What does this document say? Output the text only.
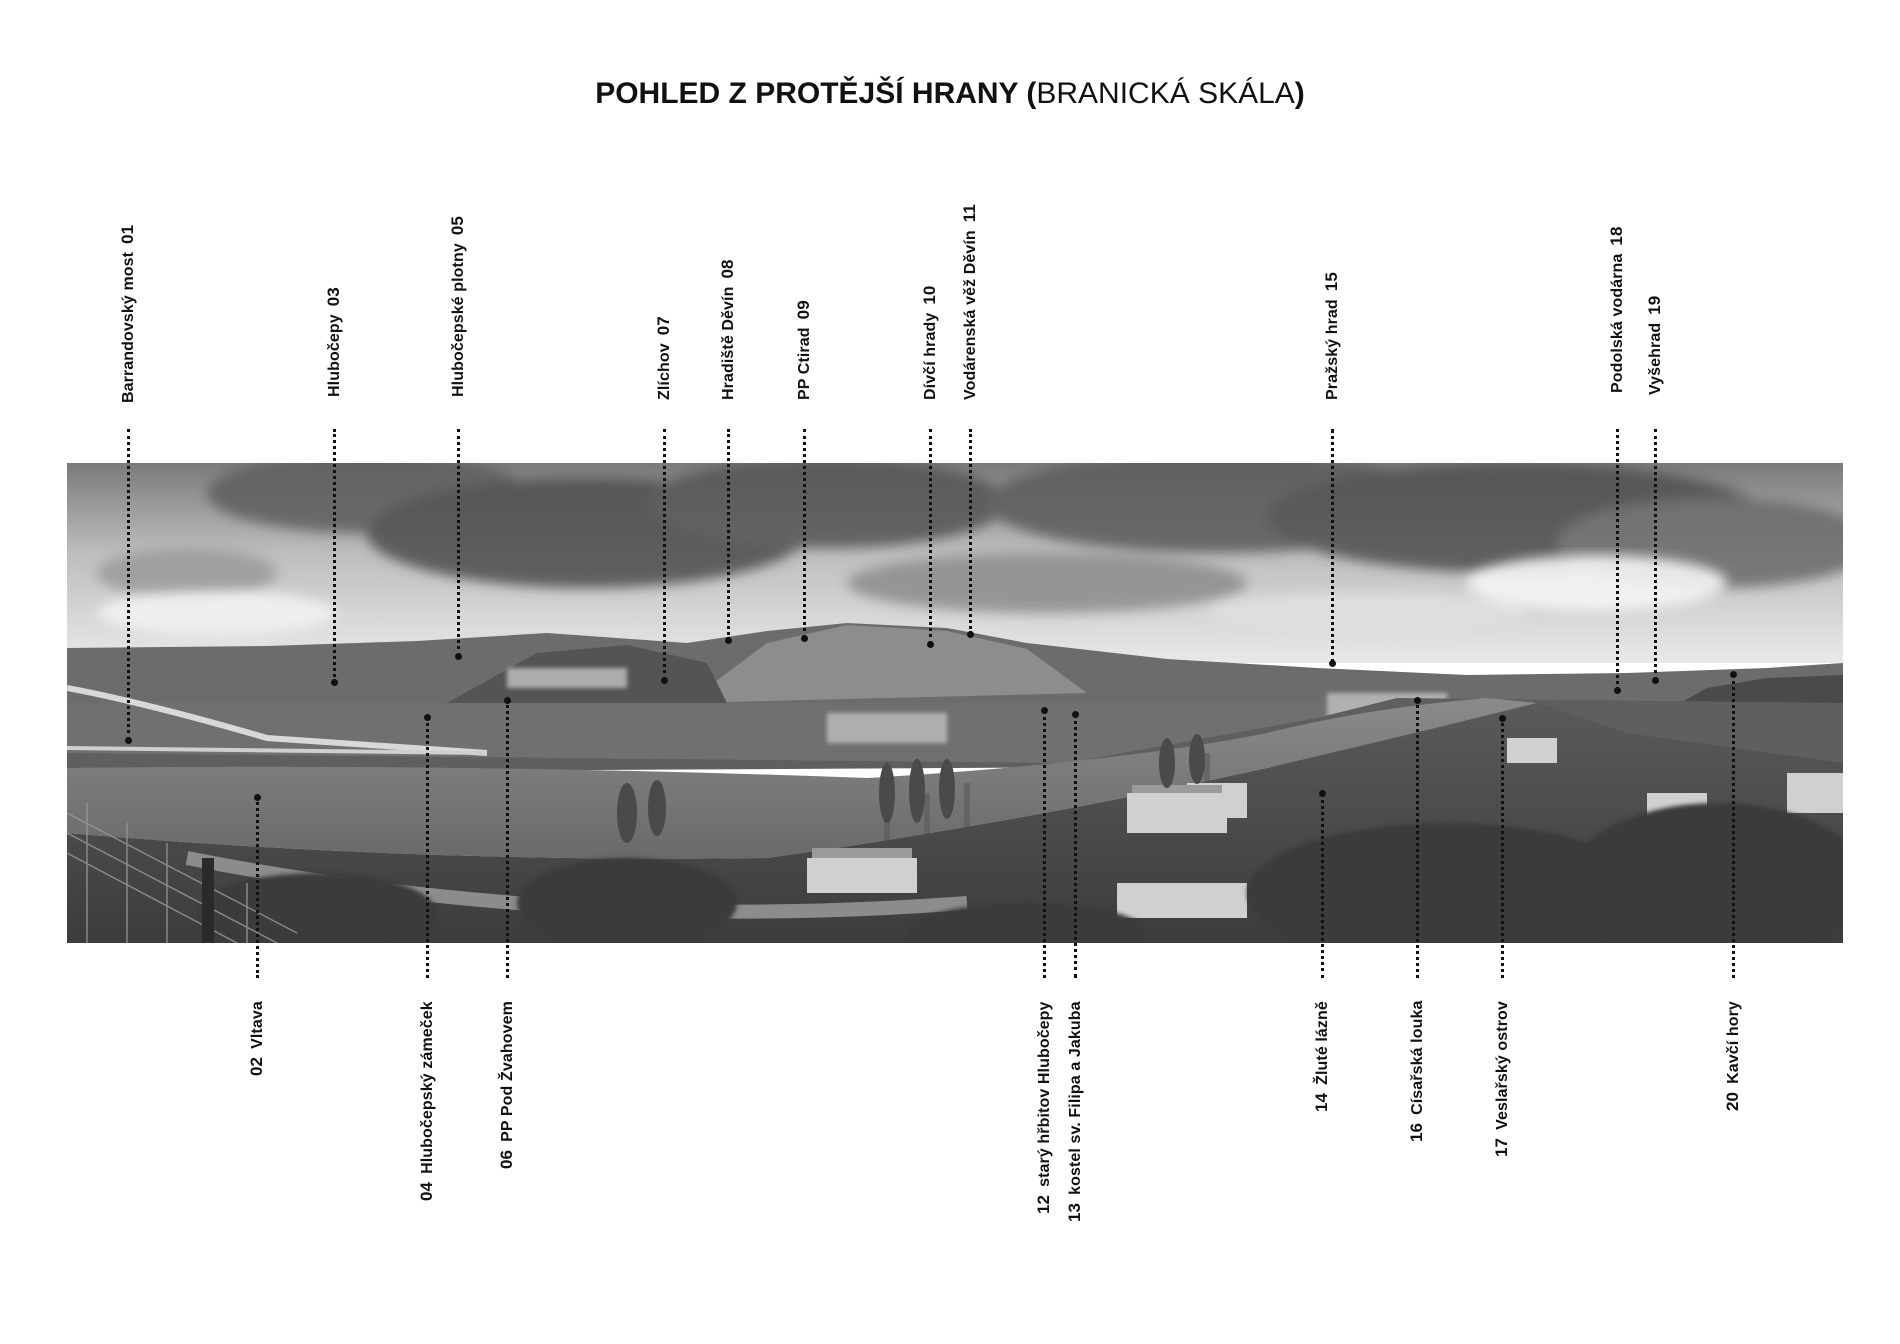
POHLED Z PROTĚJŠÍ HRANY (BRANICKÁ SKÁLA)
Barrandovský most01
Hlubočepy03	Hlubočepské plotny05
Zlíchov07	Hradiště Děvín08
PP Ctirad09
Dívčí hrady10 Vodárenská věž Děvín11
Pražský hrad15	Podolská vodárna18
Vyšehrad19
02Vltava
04Hlubočepský zámeček	06PP Pod Žvahovem
12starý hřbitov Hlubočepy
13kostel sv. Filipa a Jakuba	14Žluté lázně
16Císařská louka
17Veslařský ostrov	20Kavčí hory
